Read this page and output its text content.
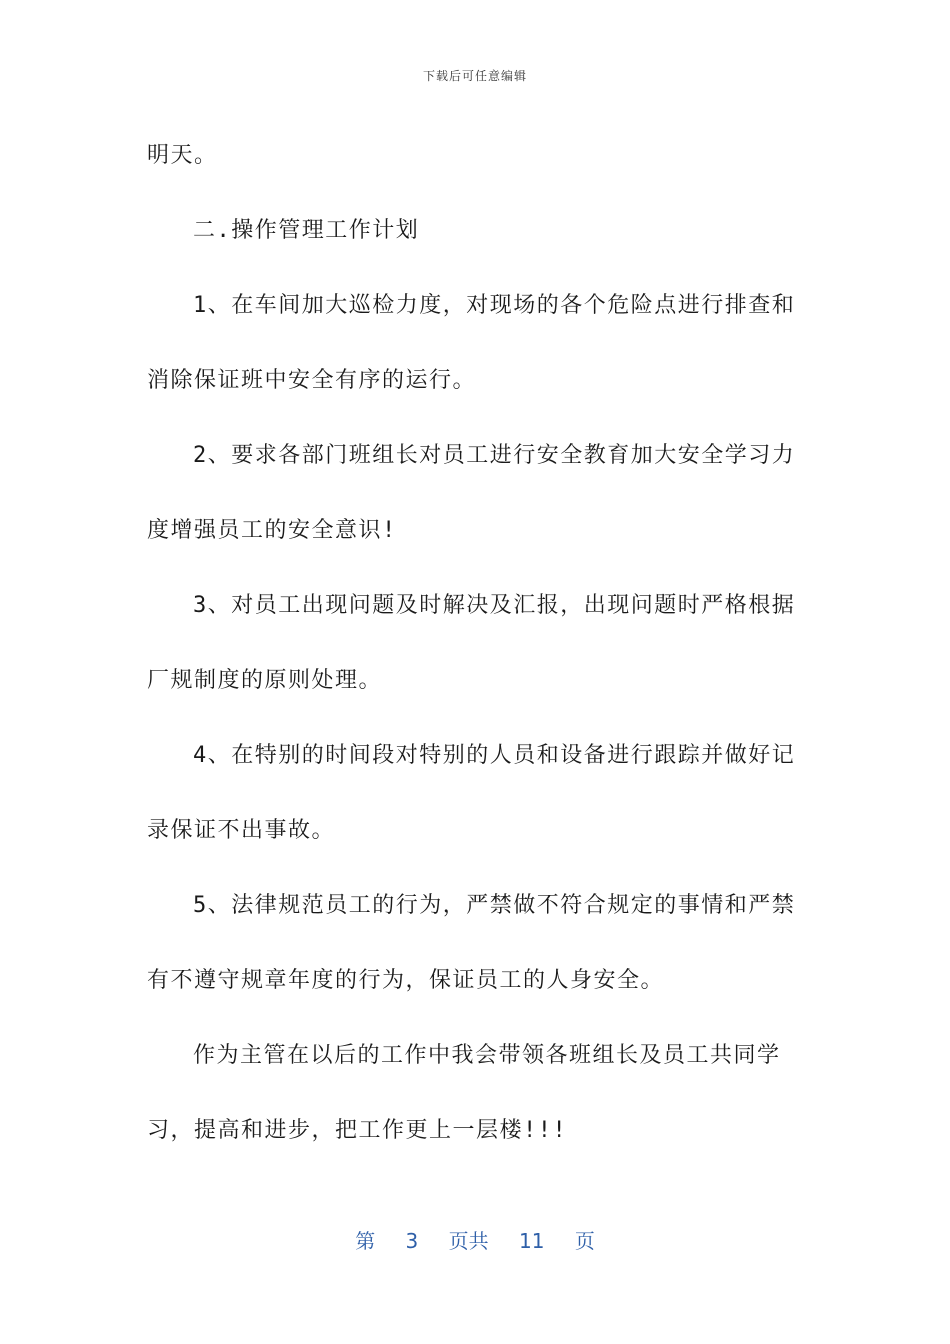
下载后可任意编辑
明天。
二.操作管理工作计划
1、在车间加大巡检力度，对现场的各个危险点进行排查和
消除保证班中安全有序的运行。
2、要求各部门班组长对员工进行安全教育加大安全学习力
度增强员工的安全意识!
3、对员工出现问题及时解决及汇报，出现问题时严格根据
厂规制度的原则处理。
4、在特别的时间段对特别的人员和设备进行跟踪并做好记
录保证不出事故。
5、法律规范员工的行为，严禁做不符合规定的事情和严禁
有不遵守规章年度的行为，保证员工的人身安全。
作为主管在以后的工作中我会带领各班组长及员工共同学
习，提高和进步，把工作更上一层楼!!!
第 3 页共 11 页
